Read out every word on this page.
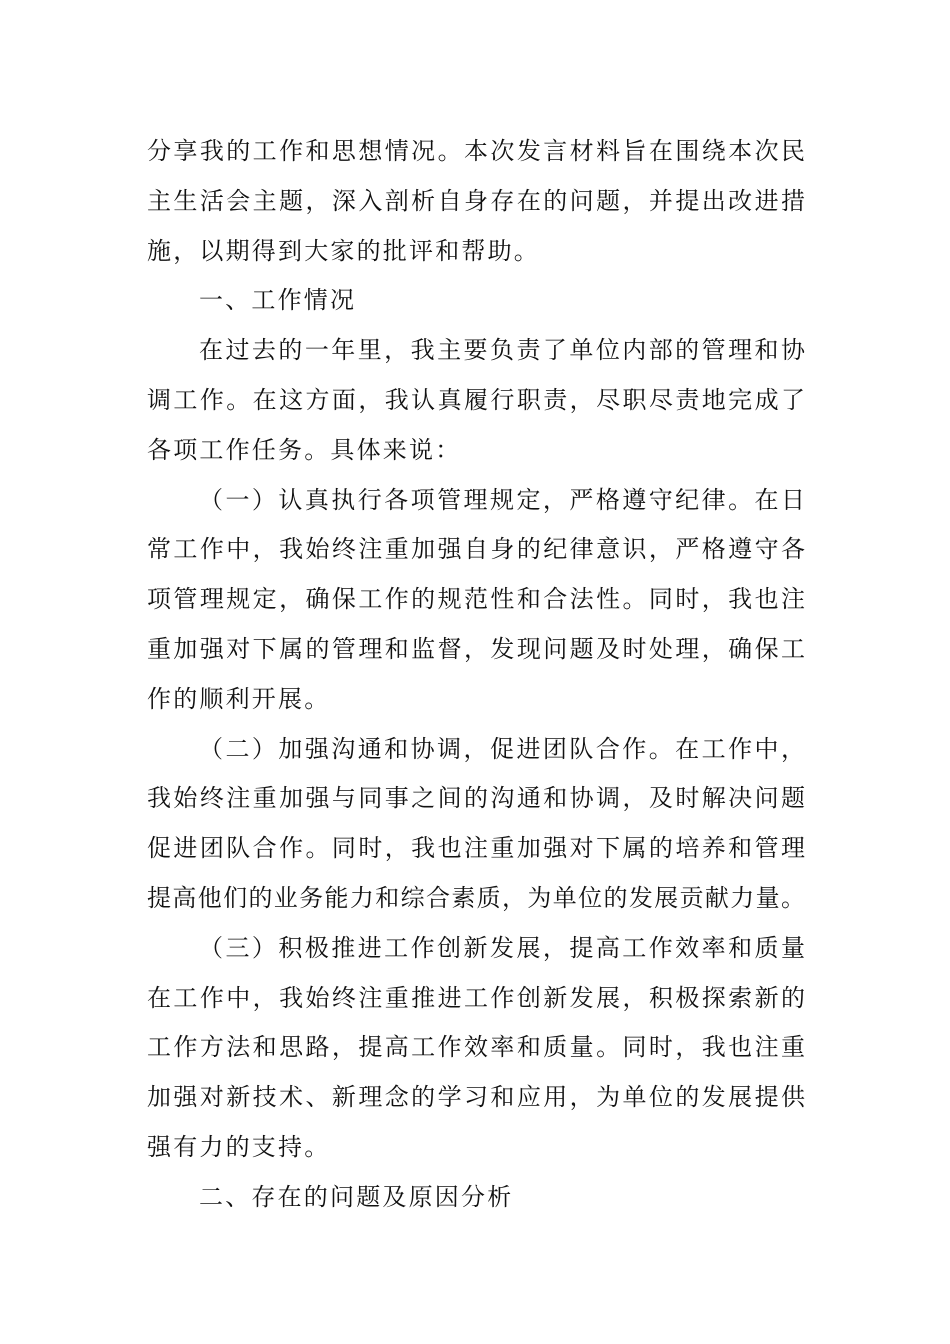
分享我的工作和思想情况。本次发言材料旨在围绕本次民
主生活会主题，深入剖析自身存在的问题，并提出改进措
施，以期得到大家的批评和帮助。
一、工作情况
在过去的一年里，我主要负责了单位内部的管理和协
调工作。在这方面，我认真履行职责，尽职尽责地完成了
各项工作任务。具体来说：
（一）认真执行各项管理规定，严格遵守纪律。在日
常工作中，我始终注重加强自身的纪律意识，严格遵守各
项管理规定，确保工作的规范性和合法性。同时，我也注
重加强对下属的管理和监督，发现问题及时处理，确保工
作的顺利开展。
（二）加强沟通和协调，促进团队合作。在工作中，
我始终注重加强与同事之间的沟通和协调，及时解决问题
促进团队合作。同时，我也注重加强对下属的培养和管理
提高他们的业务能力和综合素质，为单位的发展贡献力量。
（三）积极推进工作创新发展，提高工作效率和质量
在工作中，我始终注重推进工作创新发展，积极探索新的
工作方法和思路，提高工作效率和质量。同时，我也注重
加强对新技术、新理念的学习和应用，为单位的发展提供
强有力的支持。
二、存在的问题及原因分析
